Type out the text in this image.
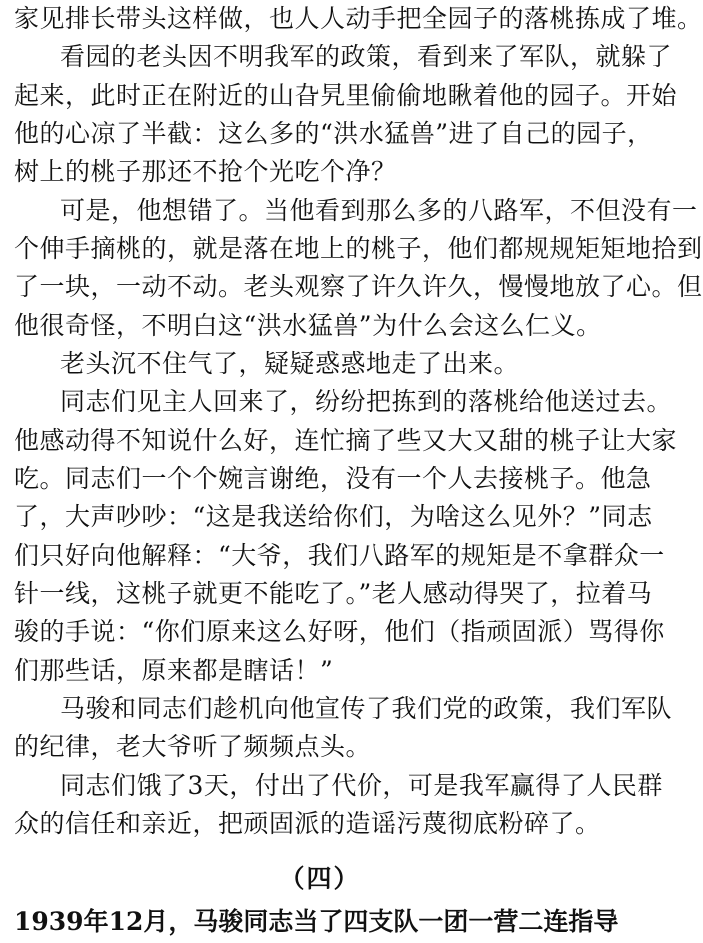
家见排长带头这样做，也人人动手把全园子的落桃拣成了堆。
看园的老头因不明我军的政策，看到来了军队，就躲了
起来，此时正在附近的山旮旯里偷偷地瞅着他的园子。开始
他的心凉了半截：这么多的“洪水猛兽”进了自己的园子，
树上的桃子那还不抢个光吃个净？
可是，他想错了。当他看到那么多的八路军，不但没有一
个伸手摘桃的，就是落在地上的桃子，他们都规规矩矩地拾到
了一块，一动不动。老头观察了许久许久，慢慢地放了心。但
他很奇怪，不明白这“洪水猛兽”为什么会这么仁义。
老头沉不住气了，疑疑惑惑地走了出来。
同志们见主人回来了，纷纷把拣到的落桃给他送过去。
他感动得不知说什么好，连忙摘了些又大又甜的桃子让大家
吃。同志们一个个婉言谢绝，没有一个人去接桃子。他急
了，大声吵吵：“这是我送给你们，为啥这么见外？”同志
们只好向他解释：“大爷，我们八路军的规矩是不拿群众一
针一线，这桃子就更不能吃了。”老人感动得哭了，拉着马
骏的手说：“你们原来这么好呀，他们（指顽固派）骂得你
们那些话，原来都是瞎话！”
马骏和同志们趁机向他宣传了我们党的政策，我们军队
的纪律，老大爷听了频频点头。
同志们饿了3天，付出了代价，可是我军赢得了人民群
众的信任和亲近，把顽固派的造谣污蔑彻底粉碎了。
（四）
1939年12月，马骏同志当了四支队一团一营二连指导
